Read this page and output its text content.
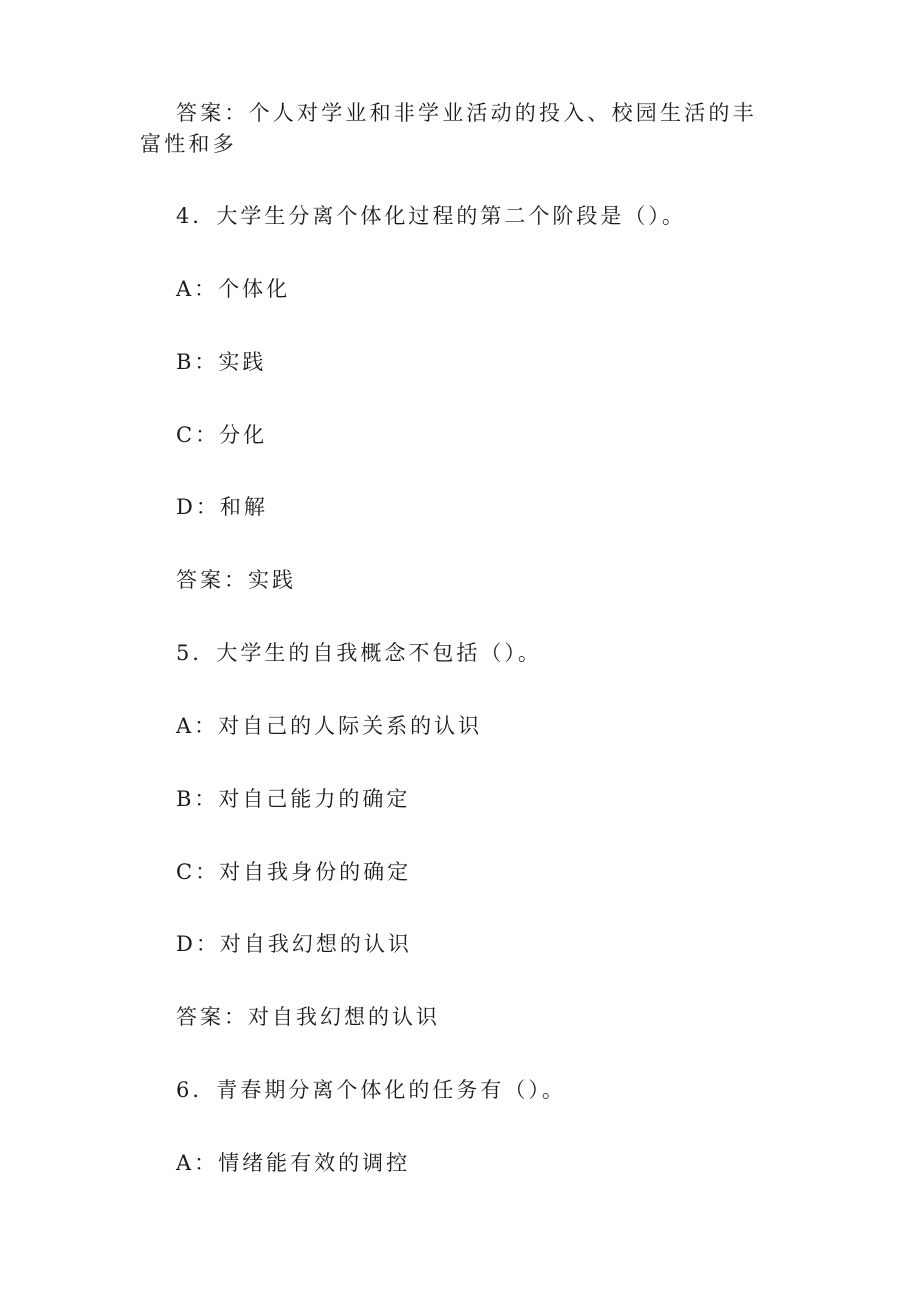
答案：个人对学业和非学业活动的投入、校园生活的丰富性和多
4．大学生分离个体化过程的第二个阶段是（）。
A：个体化
B：实践
C：分化
D：和解
答案：实践
5．大学生的自我概念不包括（）。
A：对自己的人际关系的认识
B：对自己能力的确定
C：对自我身份的确定
D：对自我幻想的认识
答案：对自我幻想的认识
6．青春期分离个体化的任务有（）。
A：情绪能有效的调控
